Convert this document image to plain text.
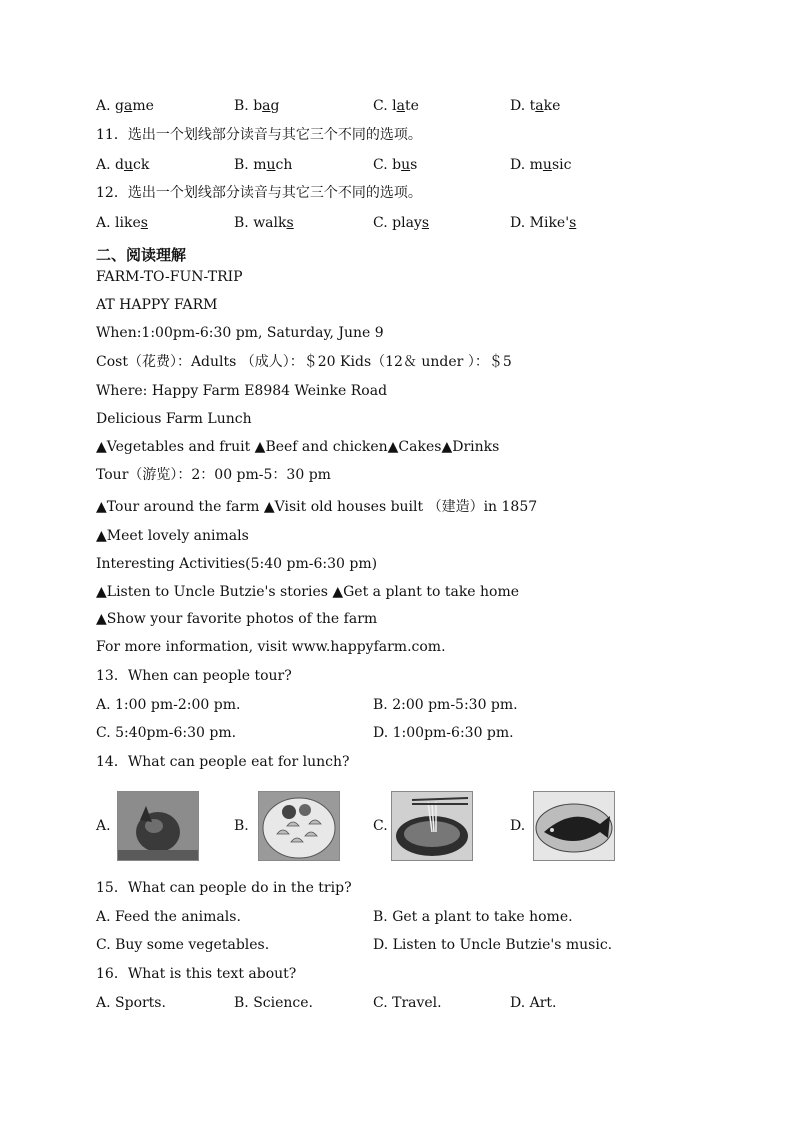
A. game	B. bag	C. late	D. take
11．选出一个划线部分读音与其它三个不同的选项。
A. duck	B. much	C. bus	D. music
12．选出一个划线部分读音与其它三个不同的选项。
A. likes	B. walks	C. plays	D. Mike's
二、阅读理解
FARM-TO-FUN-TRIP
AT HAPPY FARM
When:1:00pm-6:30 pm, Saturday, June 9
Cost（花费）：Adults （成人）：＄20 Kids（12＆ under ）：＄5
Where: Happy Farm E8984 Weinke Road
Delicious Farm Lunch
▲Vegetables and fruit ▲Beef and chicken▲Cakes▲Drinks
Tour（游览）：2：00 pm-5：30 pm
▲Tour around the farm ▲Visit old houses built （建造）in 1857
▲Meet lovely animals
Interesting Activities(5:40 pm-6:30 pm)
▲Listen to Uncle Butzie's stories ▲Get a plant to take home
▲Show your favorite photos of the farm
For more information, visit www.happyfarm.com.
13．When can people tour?
A. 1:00 pm-2:00 pm.	B. 2:00 pm-5:30 pm.
C. 5:40pm-6:30 pm.	D. 1:00pm-6:30 pm.
14．What can people eat for lunch?
A.	B.	C.	D.
15．What can people do in the trip?
A. Feed the animals.	B. Get a plant to take home.
C. Buy some vegetables.	D. Listen to Uncle Butzie's music.
16．What is this text about?
A. Sports.	B. Science.	C. Travel.	D. Art.
